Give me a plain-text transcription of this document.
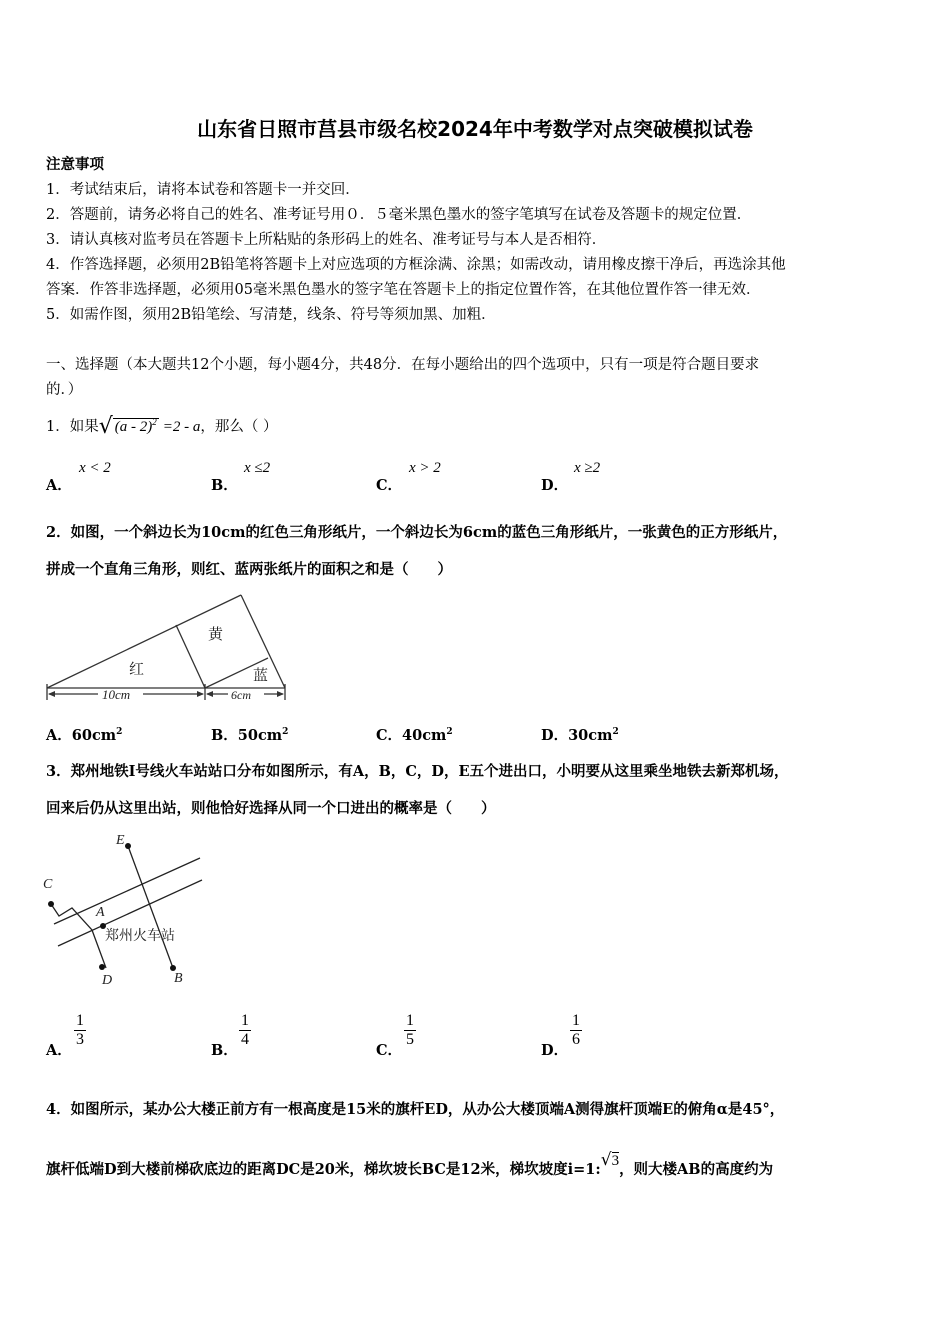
山东省日照市莒县市级名校2024年中考数学对点突破模拟试卷
注意事项
1．考试结束后，请将本试卷和答题卡一并交回．
2．答题前，请务必将自己的姓名、准考证号用０．５毫米黑色墨水的签字笔填写在试卷及答题卡的规定位置．
3．请认真核对监考员在答题卡上所粘贴的条形码上的姓名、准考证号与本人是否相符．
4．作答选择题，必须用2B铅笔将答题卡上对应选项的方框涂满、涂黑；如需改动，请用橡皮擦干净后，再选涂其他
答案．作答非选择题，必须用05毫米黑色墨水的签字笔在答题卡上的指定位置作答，在其他位置作答一律无效．
5．如需作图，须用2B铅笔绘、写清楚，线条、符号等须加黑、加粗．
一、选择题（本大题共12个小题，每小题4分，共48分．在每小题给出的四个选项中，只有一项是符合题目要求
的．）
1．如果√ (a - 2)$^2$ =2 - a，那么（ ）
A．
x < 2
B．
x ≤2
C．
x > 2
D．
x ≥2
2．如图，一个斜边长为10cm的红色三角形纸片，一个斜边长为6cm的蓝色三角形纸片，一张黄色的正方形纸片，
拼成一个直角三角形，则红、蓝两张纸片的面积之和是（　　）
黄
红	蓝
10cm	6cm
A．$60cm^2$	B．$50cm^2$	C．$40cm^2$	D．$30cm^2$
3．郑州地铁Ⅰ号线火车站站口分布如图所示，有A，B，C，D，E五个进出口，小明要从这里乘坐地铁去新郑机场，
回来后仍从这里出站，则他恰好选择从同一个口进出的概率是（　　）
E
C
A
D	B
郑州火车站
A．
$\frac{1}{3}$
B．
$\frac{1}{4}$
C．
$\frac{1}{5}$
D．
$\frac{1}{6}$
4．如图所示，某办公大楼正前方有一根高度是15米的旗杆ED，从办公大楼顶端A测得旗杆顶端E的俯角α是45°，
旗杆低端D到大楼前梯砍底边的距离DC是20米，梯坎坡长BC是12米，梯坎坡度i=1:√3，则大楼AB的高度约为
